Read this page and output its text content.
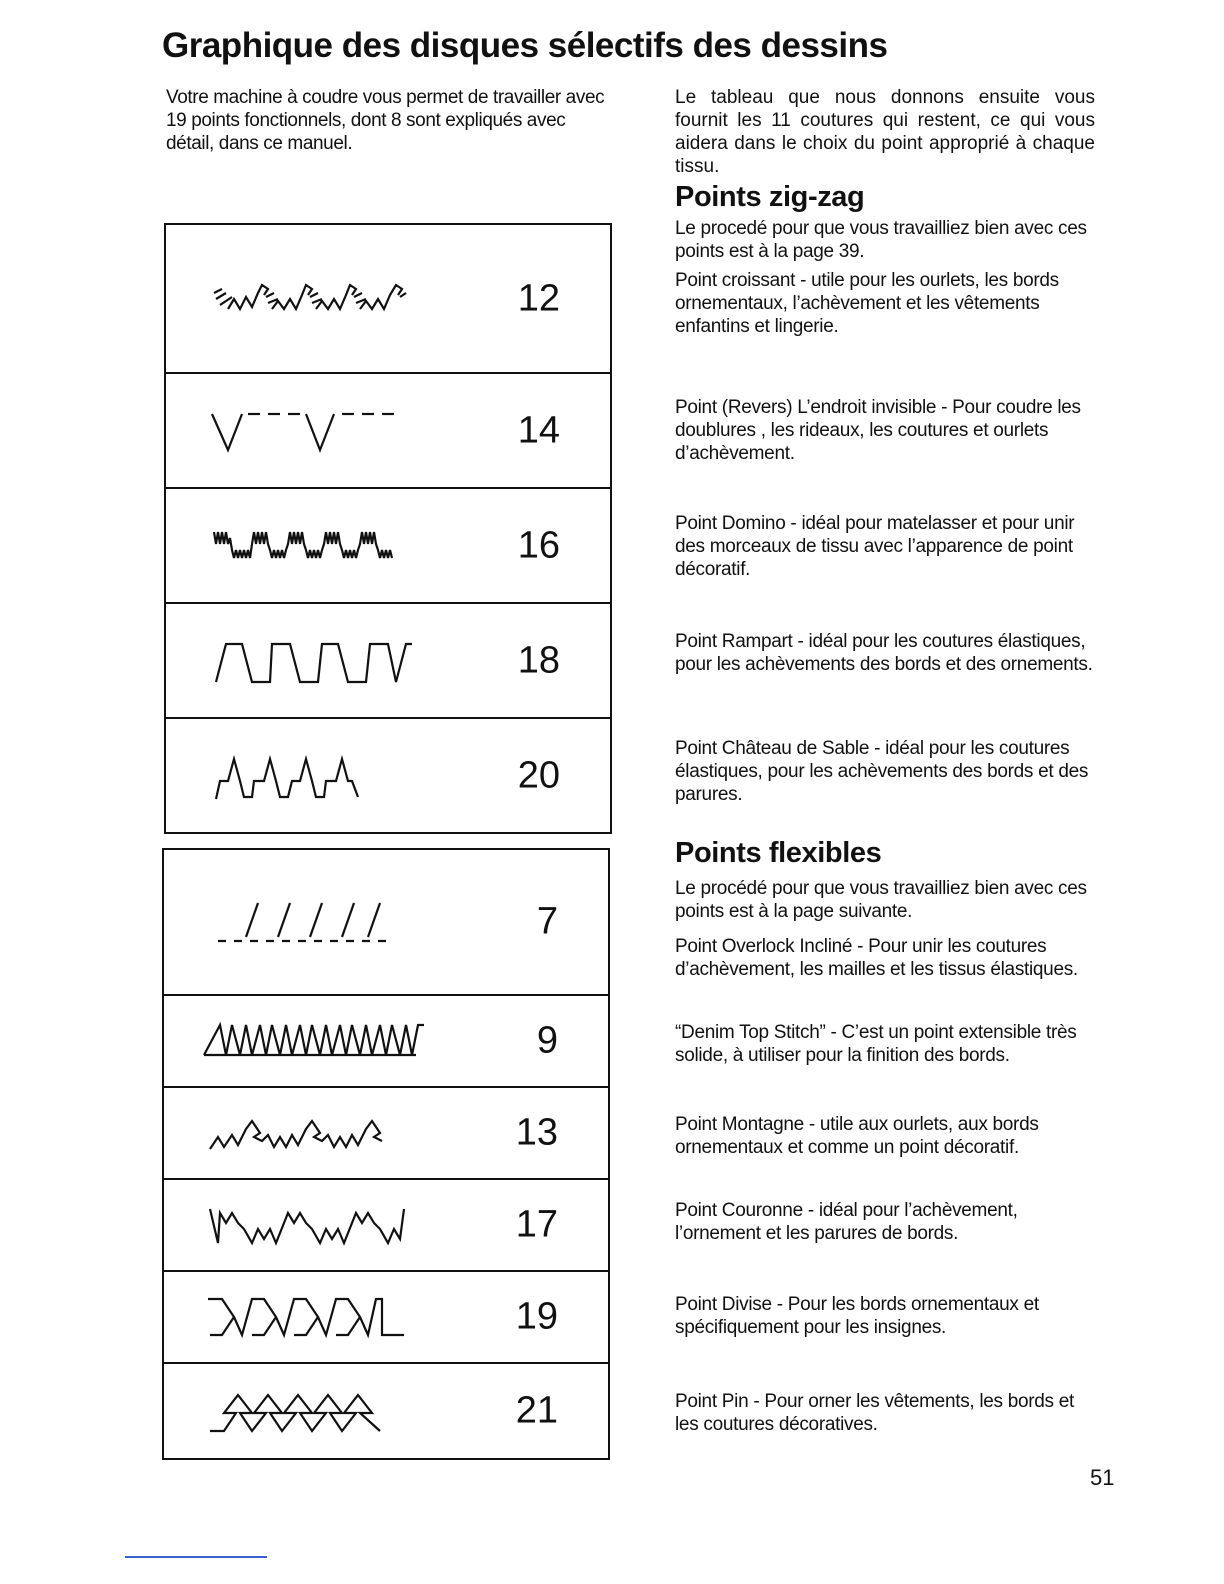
Graphique des disques sélectifs des dessins
Votre machine à coudre vous permet de travailler avec 19 points fonctionnels, dont 8 sont expliqués avec détail, dans ce manuel.
Le tableau que nous donnons ensuite vous fournit les 11 coutures qui restent, ce qui vous aidera dans le choix du point approprié à chaque tissu.
12
14
16
18
20
7
9
13
17
19
21
Points zig-zag
Le procedé pour que vous travailliez bien avec ces points est à la page 39.
Point croissant - utile pour les ourlets, les bords ornementaux, l’achèvement et les vêtements enfantins et lingerie.
Point (Revers) L’endroit invisible - Pour coudre les doublures , les rideaux, les coutures et ourlets d’achèvement.
Point Domino - idéal pour matelasser et pour unir des morceaux de tissu avec l’apparence de point décoratif.
Point Rampart - idéal pour les coutures élastiques, pour les achèvements des bords et des ornements.
Point Château de Sable - idéal pour les coutures élastiques, pour les achèvements des bords et des parures.
Points flexibles
Le procédé pour que vous travailliez bien avec ces points est à la page suivante.
Point Overlock Incliné - Pour unir les coutures d’achèvement, les mailles et les tissus élastiques.
“Denim Top Stitch” - C’est un point extensible très solide, à utiliser pour la finition des bords.
Point Montagne - utile aux ourlets, aux bords ornementaux et comme un point décoratif.
Point Couronne - idéal pour l’achèvement, l’ornement et les parures de bords.
Point Divise - Pour les bords ornementaux et spécifiquement pour les insignes.
Point Pin - Pour orner les vêtements, les bords et les coutures décoratives.
51
